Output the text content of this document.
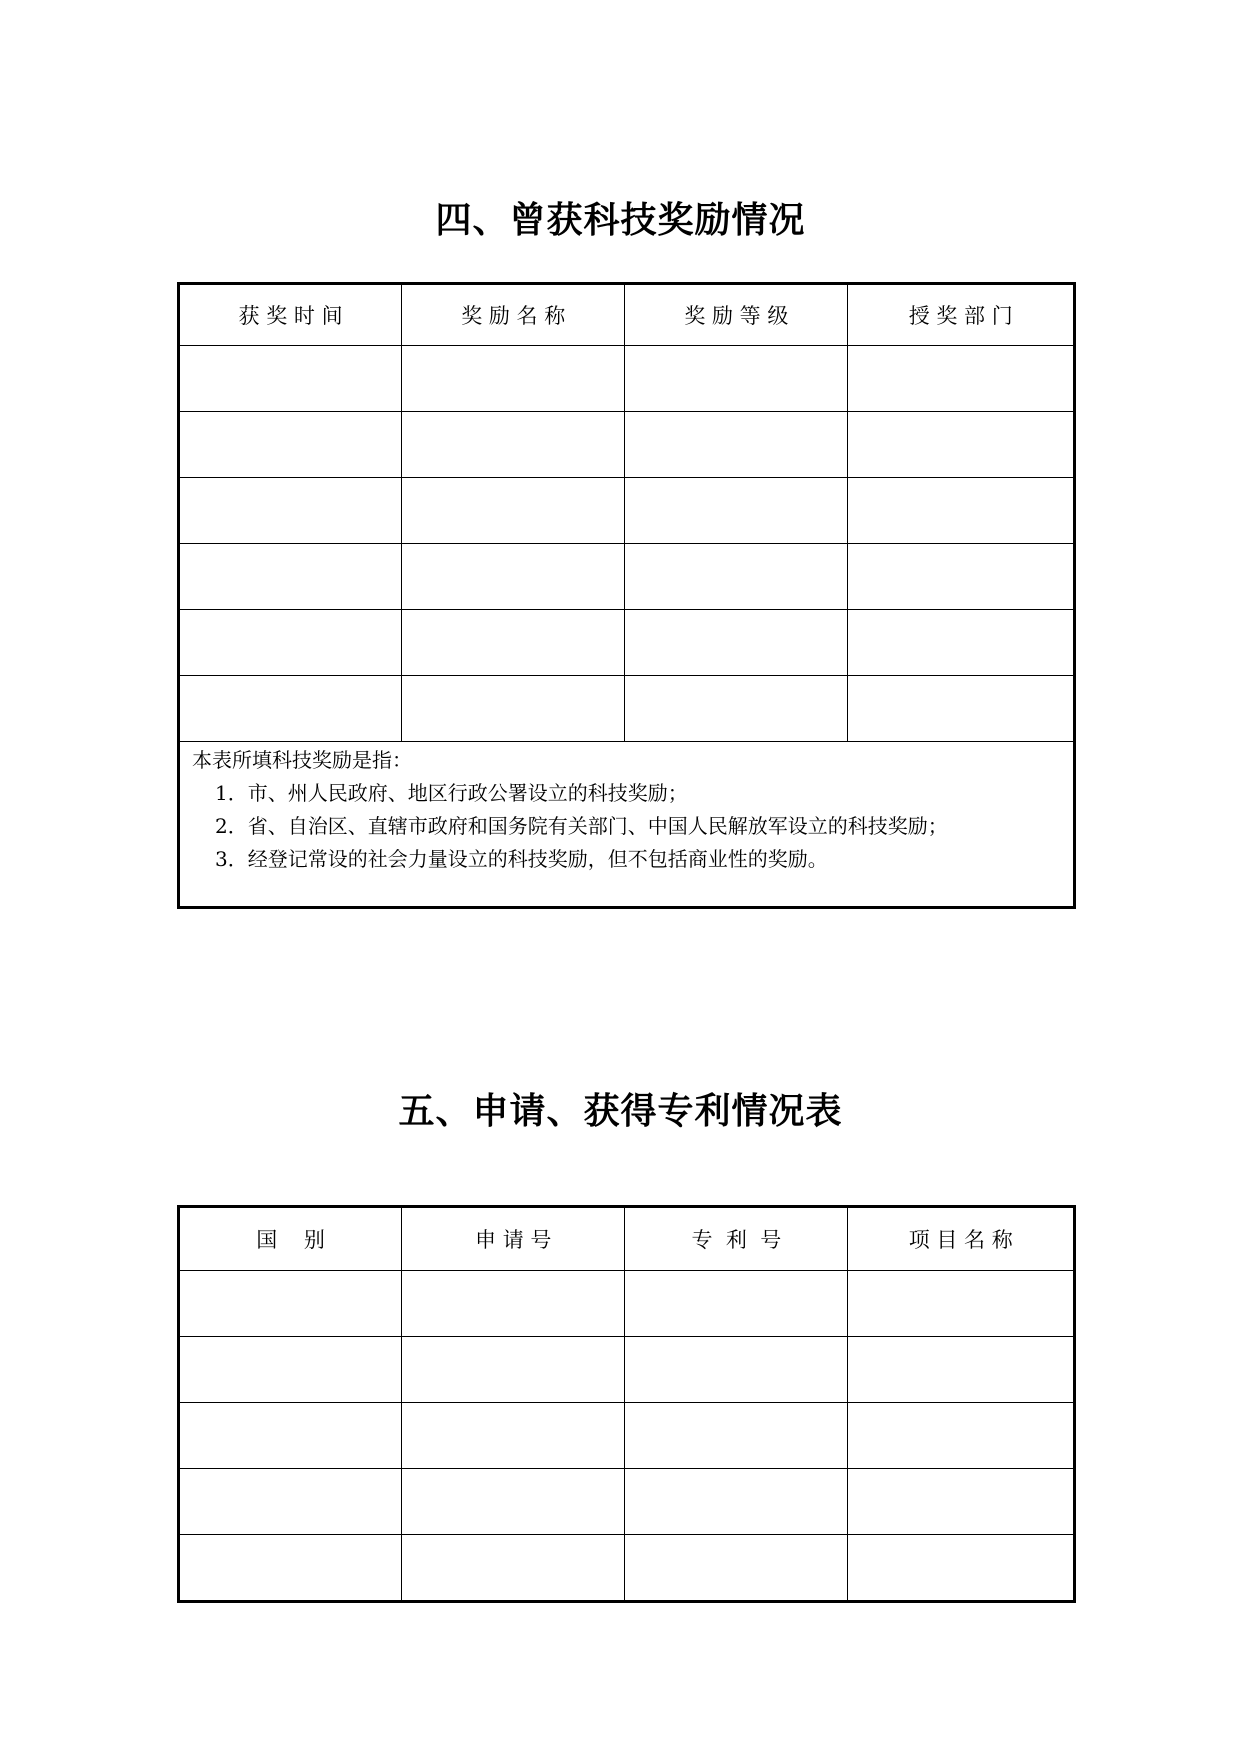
四、曾获科技奖励情况
获 奖 时 间	奖 励 名 称	奖 励 等 级	授 奖 部 门

本表所填科技奖励是指：
1．市、州人民政府、地区行政公署设立的科技奖励；
2．省、自治区、直辖市政府和国务院有关部门、中国人民解放军设立的科技奖励；
3．经登记常设的社会力量设立的科技奖励，但不包括商业性的奖励。			
五、申请、获得专利情况表
国    别	申 请 号	专  利  号	项 目 名 称
